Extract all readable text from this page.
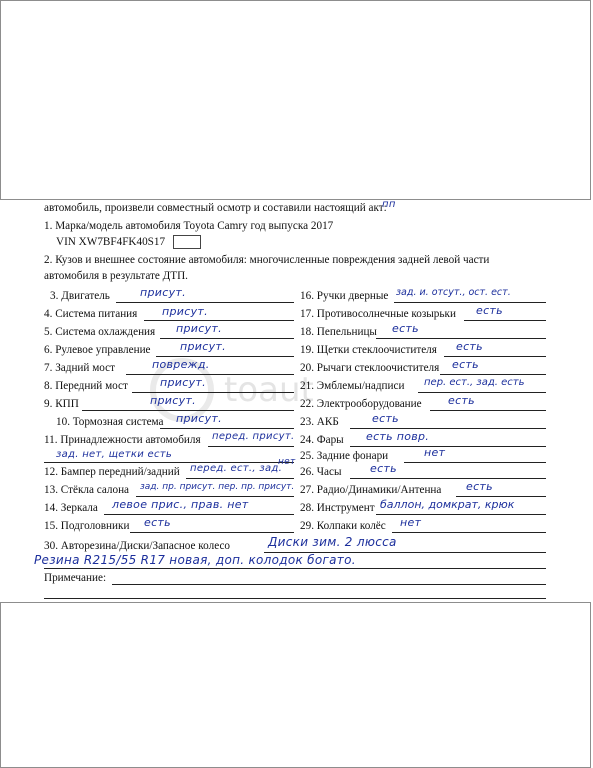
toaut
автомобиль, произвели совместный осмотр и составили настоящий акт:
пп
1. Марка/модель автомобиля Toyota Camry год выпуска 2017
VIN XW7BF4FK40S17
2. Кузов и внешнее состояние автомобиля: многочисленные повреждения задней левой части
автомобиля в результате ДТП.
3. Двигатель	присут.
4. Система питания присут.
5. Система охлаждения присут.
6. Рулевое управление	присут.
7. Задний мост	поврежд.
8. Передний мост	присут.
9. КПП	присут.
10. Тормозная система присут.
11. Принадлежности автомобиля перед. присут.
зад. нет, щетки есть
12. Бампер передний/задний перед. ест., зад.
нет
13. Стёкла салона зад. пр. присут. пер. пр. присут.
14. Зеркала левое прис., прав. нет
15. Подголовники есть
16. Ручки дверные зад. и. отсут., ост. ест.
17. Противосолнечные козырьки есть
18. Пепельницы есть
19. Щетки стеклоочистителя есть
20. Рычаги стеклоочистителя есть
21. Эмблемы/надписи пер. ест., зад. есть
22. Электрооборудование есть
23. АКБ	есть
24. Фары есть повр.
25. Задние фонари	нет
26. Часы	есть
27. Радио/Динамики/Антенна есть
28. Инструмент баллон, домкрат, крюк
29. Колпаки колёс нет
30. Авторезина/Диски/Запасное колесо	Диски зим. 2 люсса
Резина R215/55 R17 новая, доп. колодок богато.
Примечание:
